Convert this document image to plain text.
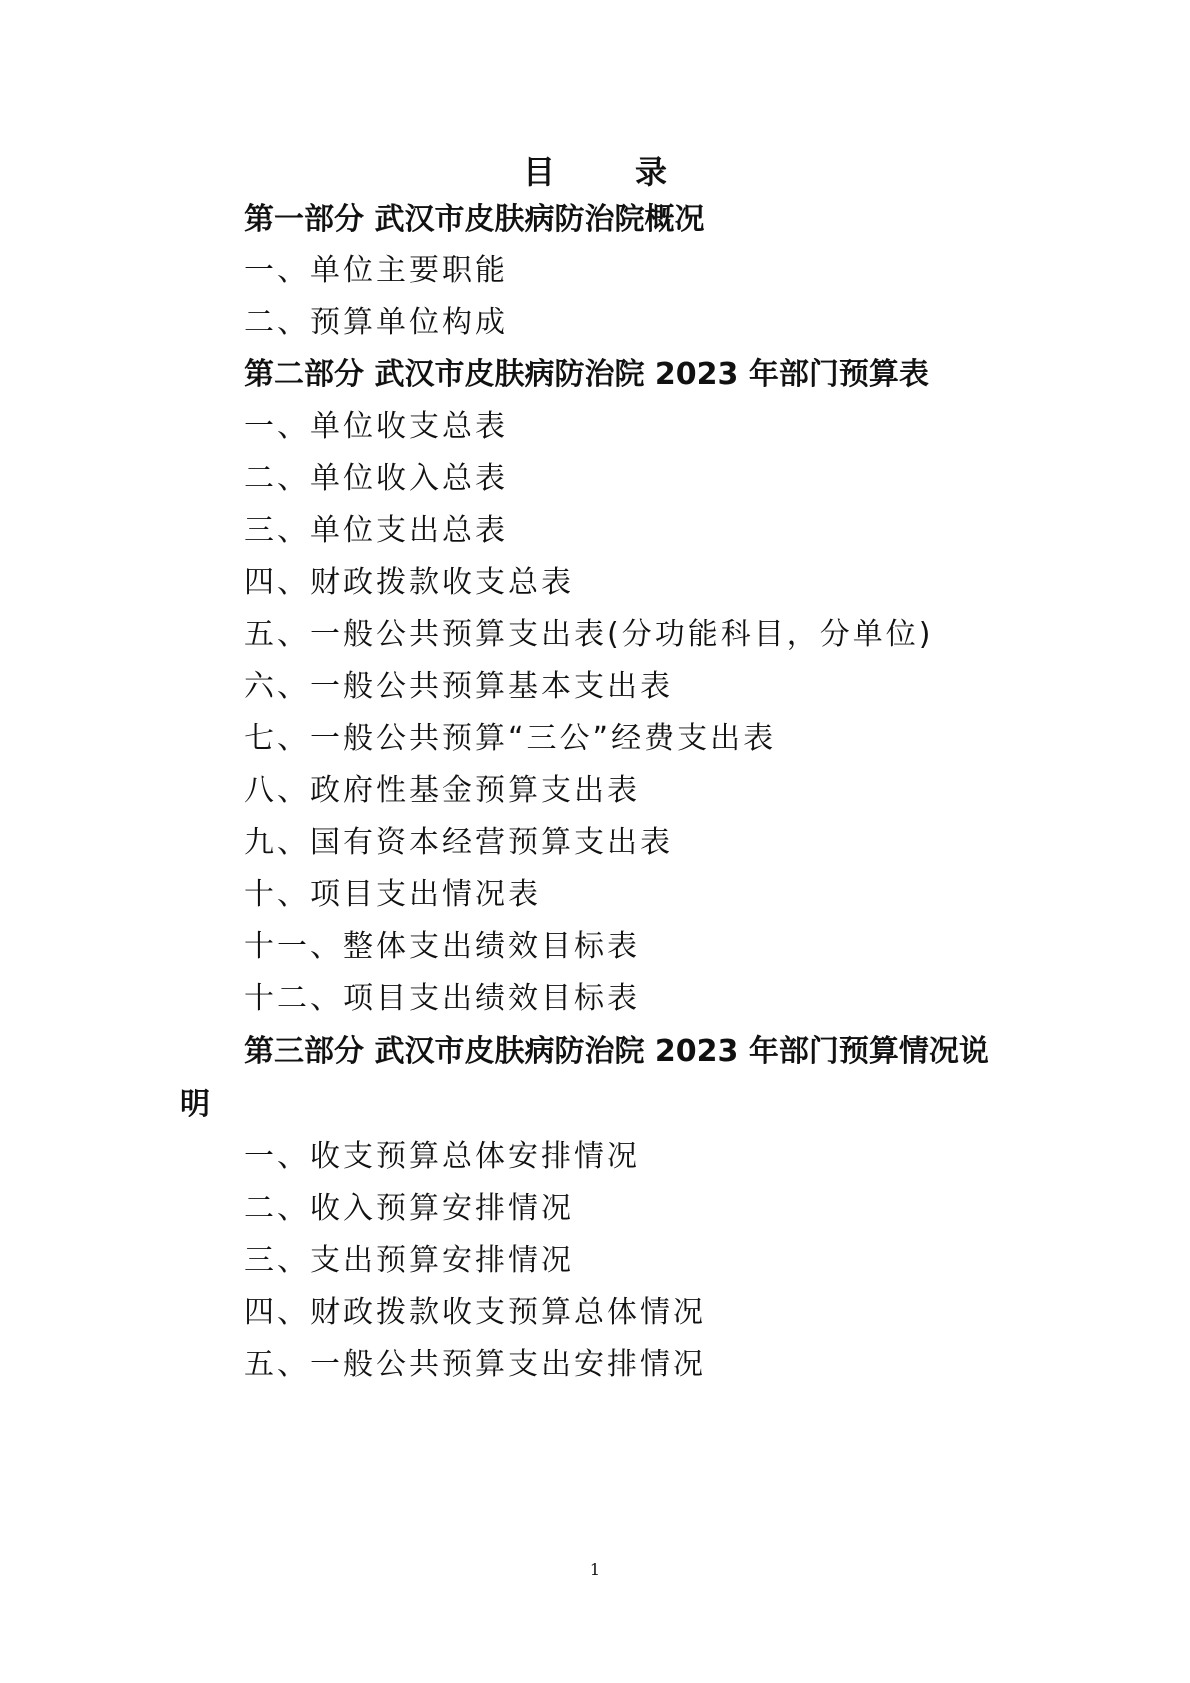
目　录
第一部分 武汉市皮肤病防治院概况
一、单位主要职能
二、预算单位构成
第二部分 武汉市皮肤病防治院 2023 年部门预算表
一、单位收支总表
二、单位收入总表
三、单位支出总表
四、财政拨款收支总表
五、一般公共预算支出表(分功能科目，分单位)
六、一般公共预算基本支出表
七、一般公共预算“三公”经费支出表
八、政府性基金预算支出表
九、国有资本经营预算支出表
十、项目支出情况表
十一、整体支出绩效目标表
十二、项目支出绩效目标表
第三部分 武汉市皮肤病防治院 2023 年部门预算情况说
明
一、收支预算总体安排情况
二、收入预算安排情况
三、支出预算安排情况
四、财政拨款收支预算总体情况
五、一般公共预算支出安排情况
1
